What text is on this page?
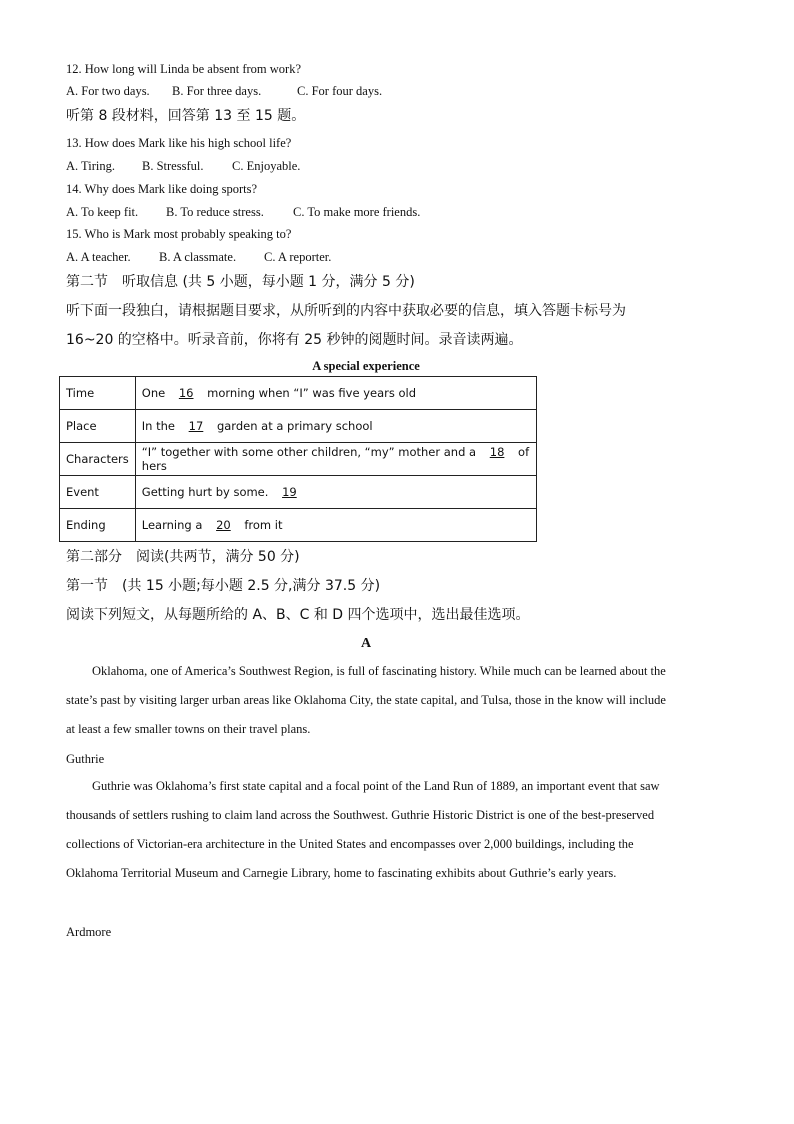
12. How long will Linda be absent from work?
A. For two days. B. For three days.	C. For four days.
听第 8 段材料，回答第 13 至 15 题。
13. How does Mark like his high school life?
A. Tiring. B. Stressful. C. Enjoyable.
14. Why does Mark like doing sports?
A. To keep fit. B. To reduce stress. C. To make more friends.
15. Who is Mark most probably speaking to?
A. A teacher. B. A classmate. C. A reporter.
第二节　听取信息 (共 5 小题，每小题 1 分，满分 5 分)
听下面一段独白，请根据题目要求，从所听到的内容中获取必要的信息，填入答题卡标号为
16~20 的空格中。听录音前，你将有 25 秒钟的阅题时间。录音读两遍。
A special experience
Time	One 16 morning when “I” was five years old
Place	In the 17 garden at a primary school
Characters	“I” together with some other children, “my” mother and a 18 of hers
Event	Getting hurt by some. 19
Ending	Learning a 20 from it
第二部分　阅读(共两节，满分 50 分)
第一节　(共 15 小题;每小题 2.5 分,满分 37.5 分)
阅读下列短文，从每题所给的 A、B、C 和 D 四个选项中，选出最佳选项。
A
Oklahoma, one of America’s Southwest Region, is full of fascinating history. While much can be learned about the state’s past by visiting larger urban areas like Oklahoma City, the state capital, and Tulsa, those in the know will include at least a few smaller towns on their travel plans.
Guthrie
Guthrie was Oklahoma’s first state capital and a focal point of the Land Run of 1889, an important event that saw thousands of settlers rushing to claim land across the Southwest. Guthrie Historic District is one of the best-preserved collections of Victorian-era architecture in the United States and encompasses over 2,000 buildings, including the Oklahoma Territorial Museum and Carnegie Library, home to fascinating exhibits about Guthrie’s early years.
Ardmore
